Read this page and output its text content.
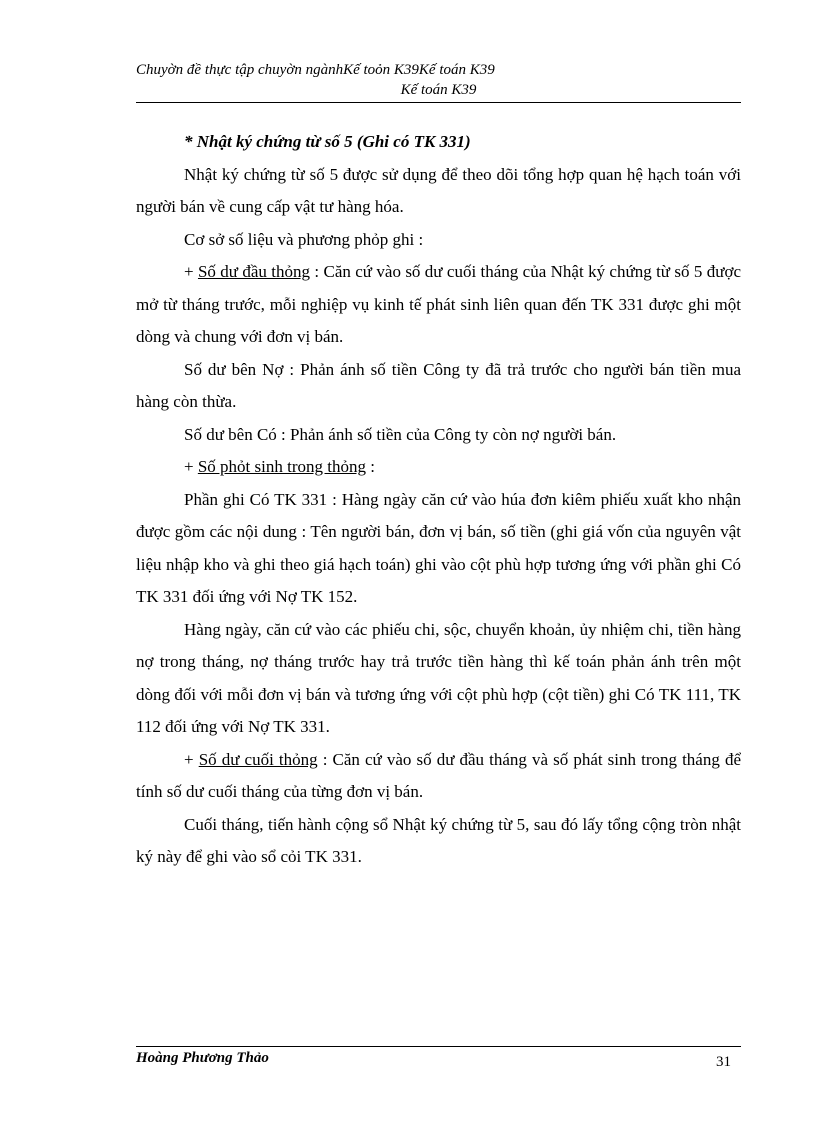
Chuyờn đề thực tập chuyờn ngànhKế toỏn K39Kế toán K39
Kế toán K39

* Nhật ký chứng từ số 5 (Ghi có TK 331)

Nhật ký chứng từ số 5 được sử dụng để theo dõi tổng hợp quan hệ hạch toán với người bán về cung cấp vật tư hàng hóa.

Cơ sở số liệu và phương phỏp ghi :

+ Số dư đầu thỏng : Căn cứ vào số dư cuối tháng của Nhật ký chứng từ số 5 được mở từ tháng trước, mỗi nghiệp vụ kinh tế phát sinh liên quan đến TK 331 được ghi một dòng và chung với đơn vị bán.

Số dư bên Nợ : Phản ánh số tiền Công ty đã trả trước cho người bán tiền mua hàng còn thừa.

Số dư bên Có : Phản ánh số tiền của Công ty còn nợ người bán.

+ Số phỏt sinh trong thỏng :

Phần ghi Có TK 331 : Hàng ngày căn cứ vào húa đơn kiêm phiếu xuất kho nhận được gồm các nội dung : Tên người bán, đơn vị bán, số tiền (ghi giá vốn của nguyên vật liệu nhập kho và ghi theo giá hạch toán) ghi vào cột phù hợp tương ứng với phần ghi Có TK 331 đối ứng với Nợ TK 152.

Hàng ngày, căn cứ vào các phiếu chi, sộc, chuyển khoản, ủy nhiệm chi, tiền hàng nợ trong tháng, nợ tháng trước hay trả trước tiền hàng thì kế toán phản ánh trên một dòng đối với mỗi đơn vị bán và tương ứng với cột phù hợp (cột tiền) ghi Có TK 111, TK 112 đối ứng với Nợ TK 331.

+ Số dư cuối thỏng : Căn cứ vào số dư đầu tháng và số phát sinh trong tháng để tính số dư cuối tháng của từng đơn vị bán.

Cuối tháng, tiến hành cộng sổ Nhật ký chứng từ 5, sau đó lấy tổng cộng tròn nhật ký này để ghi vào sổ cỏi TK 331.

Hoàng Phương Thảo	31
